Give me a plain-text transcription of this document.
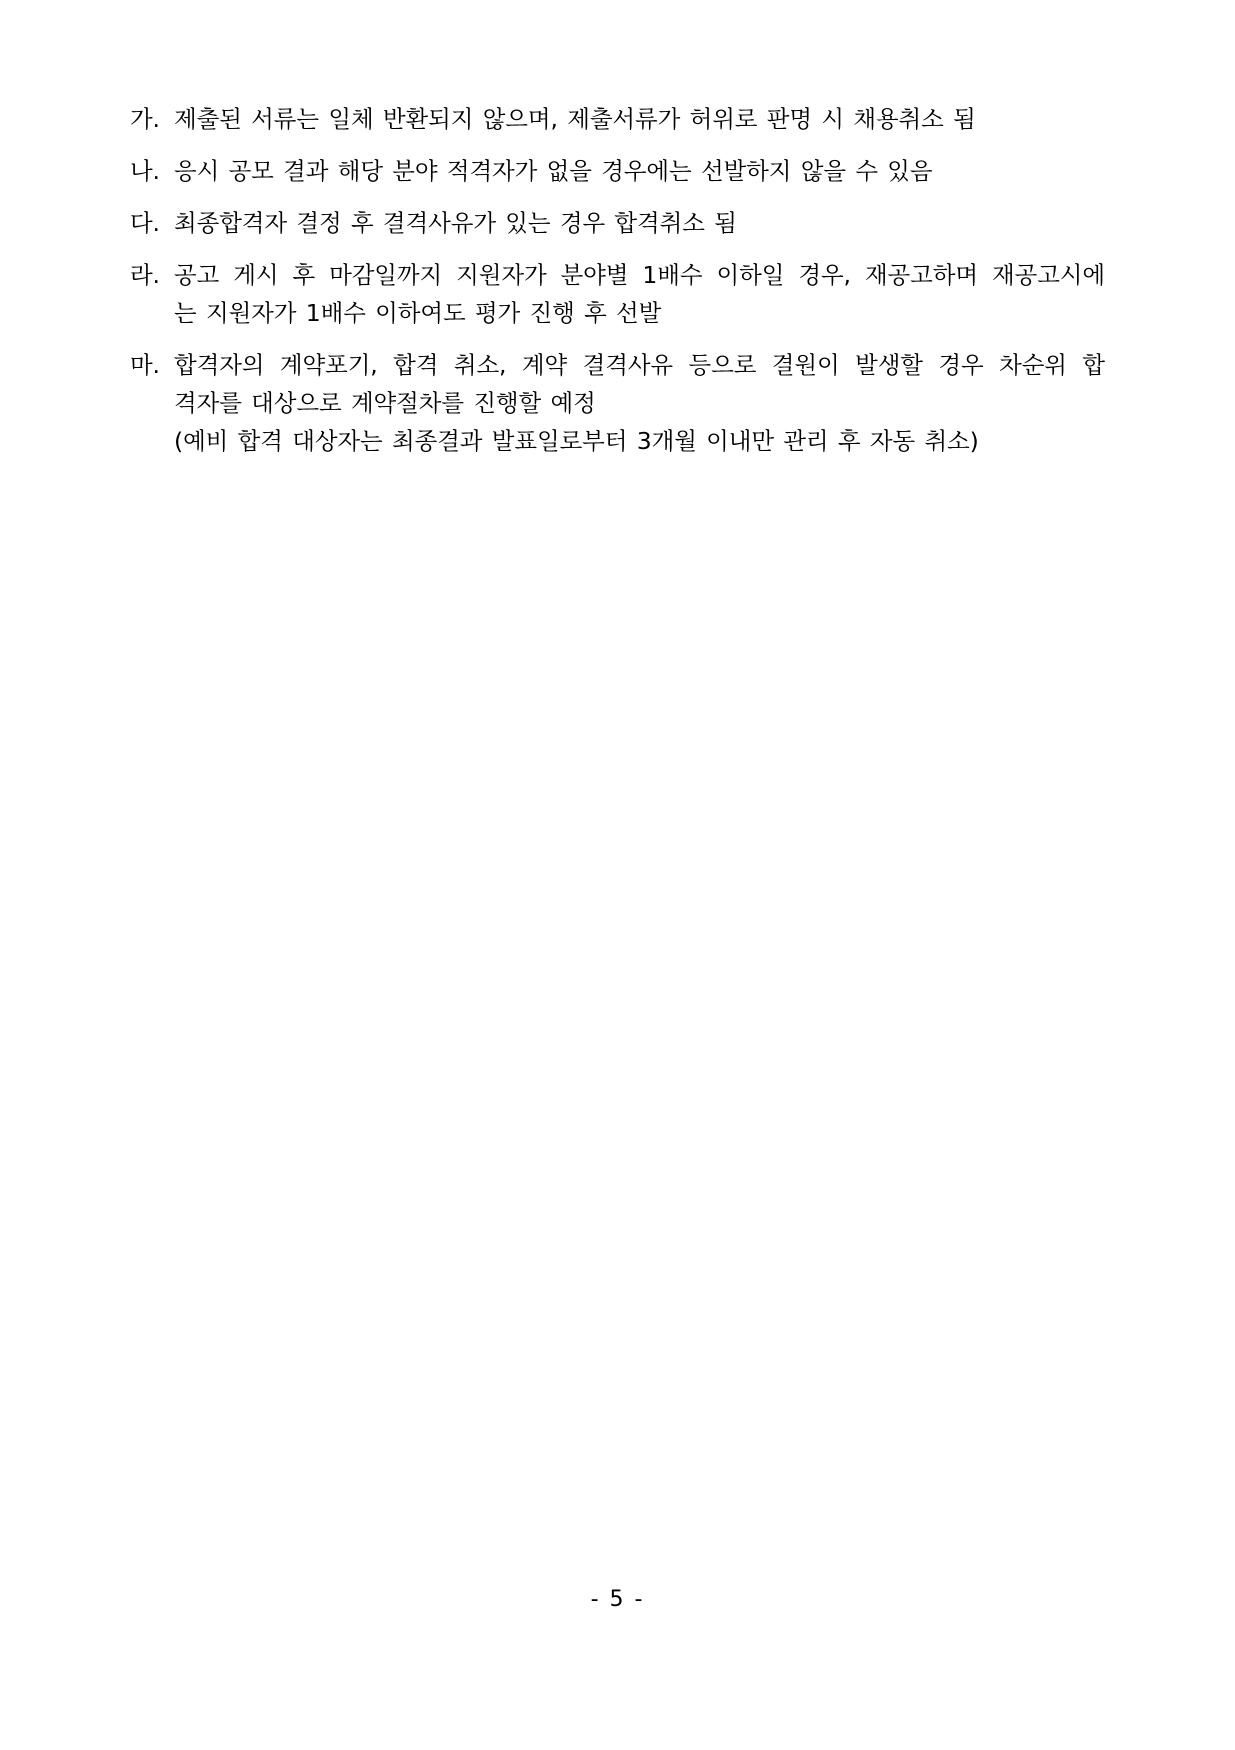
가. 제출된 서류는 일체 반환되지 않으며, 제출서류가 허위로 판명 시 채용취소 됨
나. 응시 공모 결과 해당 분야 적격자가 없을 경우에는 선발하지 않을 수 있음
다. 최종합격자 결정 후 결격사유가 있는 경우 합격취소 됨
라. 공고 게시 후 마감일까지 지원자가 분야별 1배수 이하일 경우, 재공고하며 재공고시에
는 지원자가 1배수 이하여도 평가 진행 후 선발
마. 합격자의 계약포기, 합격 취소, 계약 결격사유 등으로 결원이 발생할 경우 차순위 합
격자를 대상으로 계약절차를 진행할 예정
(예비 합격 대상자는 최종결과 발표일로부터 3개월 이내만 관리 후 자동 취소)
- 5 -
